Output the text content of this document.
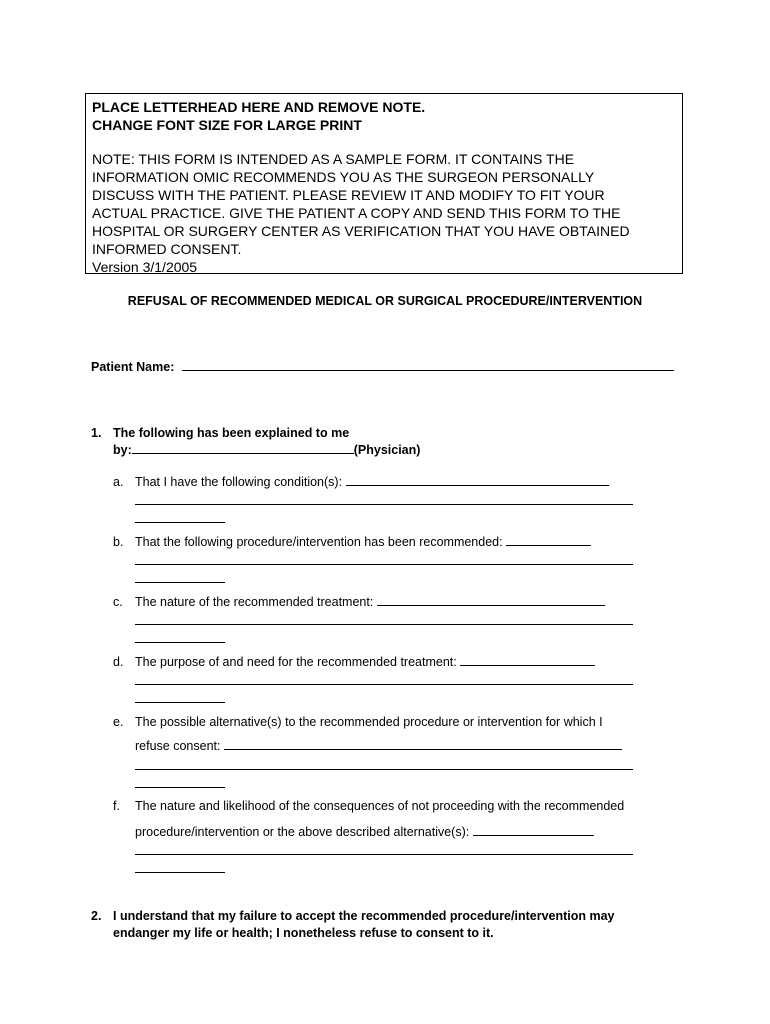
PLACE LETTERHEAD HERE AND REMOVE NOTE.
CHANGE FONT SIZE FOR LARGE PRINT
NOTE: THIS FORM IS INTENDED AS A SAMPLE FORM. IT CONTAINS THE
INFORMATION OMIC RECOMMENDS YOU AS THE SURGEON PERSONALLY
DISCUSS WITH THE PATIENT. PLEASE REVIEW IT AND MODIFY TO FIT YOUR
ACTUAL PRACTICE. GIVE THE PATIENT A COPY AND SEND THIS FORM TO THE
HOSPITAL OR SURGERY CENTER AS VERIFICATION THAT YOU HAVE OBTAINED
INFORMED CONSENT.
Version 3/1/2005
REFUSAL OF RECOMMENDED MEDICAL OR SURGICAL PROCEDURE/INTERVENTION
Patient Name:
1. The following has been explained to me
by:	(Physician)
a. That I have the following condition(s):
b. That the following procedure/intervention has been recommended:
c. The nature of the recommended treatment:
d. The purpose of and need for the recommended treatment:
e. The possible alternative(s) to the recommended procedure or intervention for which I
refuse consent:
f. The nature and likelihood of the consequences of not proceeding with the recommended
procedure/intervention or the above described alternative(s):
2. I understand that my failure to accept the recommended procedure/intervention may
endanger my life or health; I nonetheless refuse to consent to it.
